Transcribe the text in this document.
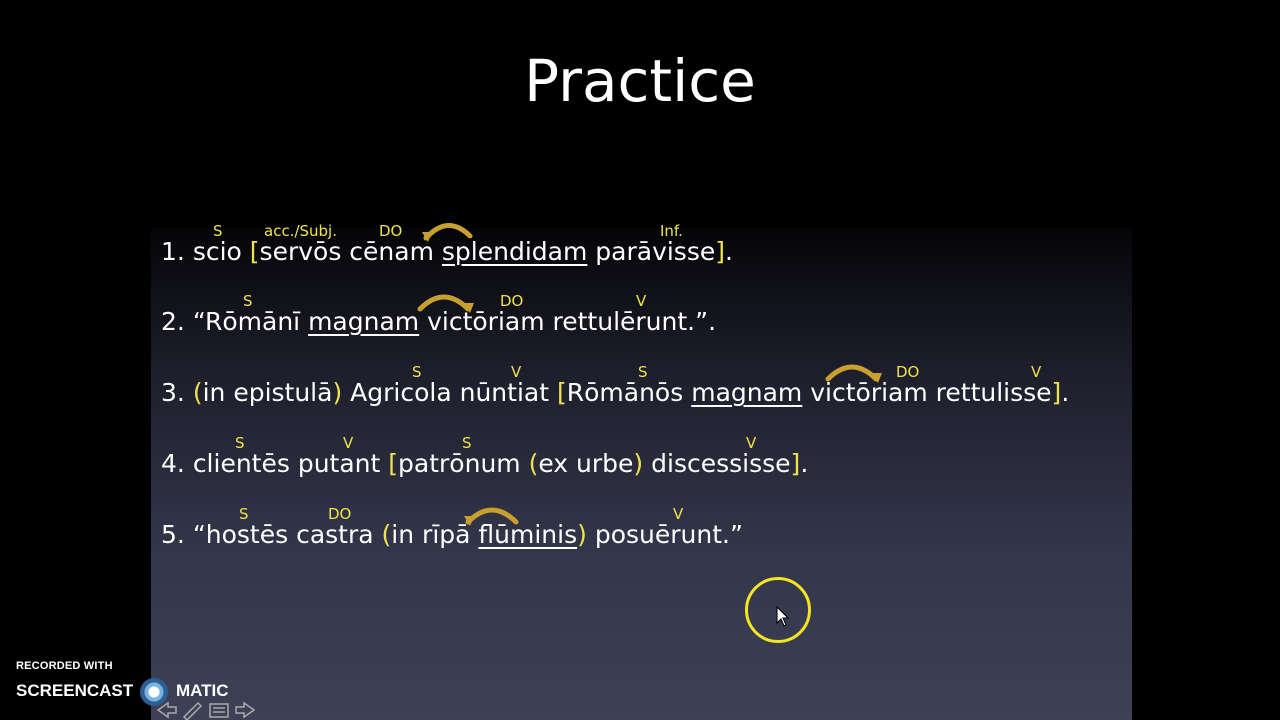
Practice
S	acc./Subj.	DO	Inf.
1. scio [servōs cēnam splendidam parāvisse].
S	DO	V
2. “Rōmānī magnam victōriam rettulērunt.”.
S	V	S	DO	V
3. (in epistulā) Agricola nūntiat [Rōmānōs magnam victōriam rettulisse].
S	V	S	V
4. clientēs putant [patrōnum (ex urbe) discessisse].
S	DO	V
5. “hostēs castra (in rīpā flūminis) posuērunt.”
RECORDED WITH
SCREENCAST	MATIC
